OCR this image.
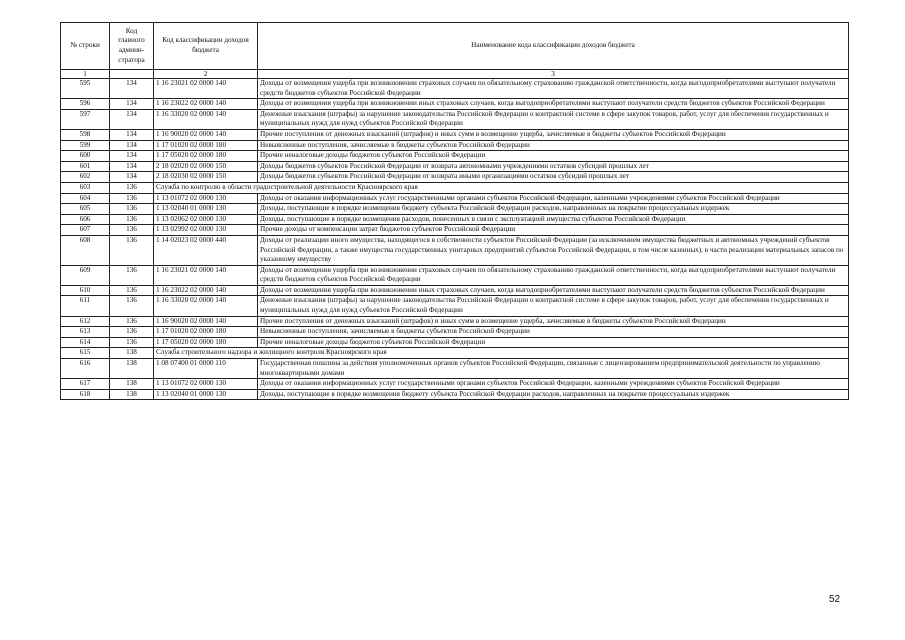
№ строки	Код главного админи-стратора	Код классификации доходов бюджета	Наименование кода классификации доходов бюджета
1		2	3
595	134	1 16 23021 02 0000 140	Доходы от возмещения ущерба при возникновении страховых случаев по обязательному страхованию гражданской ответственности, когда выгодоприобретателями выступают получатели средств бюджетов субъектов Российской Федерации
596	134	1 16 23022 02 0000 140	Доходы от возмещения ущерба при возникновении иных страховых случаев, когда выгодоприобретателями выступают получатели средств бюджетов субъектов Российской Федерации
597	134	1 16 33020 02 0000 140	Денежные взыскания (штрафы) за нарушение законодательства Российской Федерации о контрактной системе в сфере закупок товаров, работ, услуг для обеспечения государственных и муниципальных нужд для нужд субъектов Российской Федерации
598	134	1 16 90020 02 0000 140	Прочие поступления от денежных взысканий (штрафов) и иных сумм в возмещение ущерба, зачисляемые в бюджеты субъектов Российской Федерации
599	134	1 17 01020 02 0000 180	Невыясненные поступления, зачисляемые в бюджеты субъектов Российской Федерации
600	134	1 17 05020 02 0000 180	Прочие неналоговые доходы бюджетов субъектов Российской Федерации
601	134	2 18 02020 02 0000 150	Доходы бюджетов субъектов Российской Федерации от возврата автономными учреждениями остатков субсидий прошлых лет
602	134	2 18 02030 02 0000 150	Доходы бюджетов субъектов Российской Федерации от возврата иными организациями остатков субсидий прошлых лет
603	136	Служба по контролю в области градостроительной деятельности Красноярского края	
604	136	1 13 01072 02 0000 130	Доходы от оказания информационных услуг государственными органами субъектов Российской Федерации, казенными учреждениями субъектов Российской Федерации
605	136	1 13 02040 01 0000 130	Доходы, поступающие в порядке возмещения бюджету субъекта Российской Федерации расходов, направленных на покрытие процессуальных издержек
606	136	1 13 02062 02 0000 130	Доходы, поступающие в порядке возмещения расходов, понесенных в связи с эксплуатацией имущества субъектов Российской Федерации
607	136	1 13 02992 02 0000 130	Прочие доходы от компенсации затрат бюджетов субъектов Российской Федерации
608	136	1 14 02023 02 0000 440	Доходы от реализации иного имущества, находящегося в собственности субъектов Российской Федерации (за исключением имущества бюджетных и автономных учреждений субъектов Российской Федерации, а также имущества государственных унитарных предприятий субъектов Российской Федерации, в том числе казенных), в части реализации материальных запасов по указанному имуществу
609	136	1 16 23021 02 0000 140	Доходы от возмещения ущерба при возникновении страховых случаев по обязательному страхованию гражданской ответственности, когда выгодоприобретателями выступают получатели средств бюджетов субъектов Российской Федерации
610	136	1 16 23022 02 0000 140	Доходы от возмещения ущерба при возникновении иных страховых случаев, когда выгодоприобретателями выступают получатели средств бюджетов субъектов Российской Федерации
611	136	1 16 33020 02 0000 140	Денежные взыскания (штрафы) за нарушение законодательства Российской Федерации о контрактной системе в сфере закупок товаров, работ, услуг для обеспечения государственных и муниципальных нужд для нужд субъектов Российской Федерации
612	136	1 16 90020 02 0000 140	Прочие поступления от денежных взысканий (штрафов) и иных сумм в возмещение ущерба, зачисляемые в бюджеты субъектов Российской Федерации
613	136	1 17 01020 02 0000 180	Невыясненные поступления, зачисляемые в бюджеты субъектов Российской Федерации
614	136	1 17 05020 02 0000 180	Прочие неналоговые доходы бюджетов субъектов Российской Федерации
615	138	Служба строительного надзора и жилищного контроля Красноярского края	
616	138	1 08 07400 01 0000 110	Государственная пошлина за действия уполномоченных органов субъектов Российской Федерации, связанные с лицензированием предпринимательской деятельности по управлению многоквартирными домами
617	138	1 13 01072 02 0000 130	Доходы от оказания информационных услуг государственными органами субъектов Российской Федерации, казенными учреждениями субъектов Российской Федерации
618	138	1 13 02040 01 0000 130	Доходы, поступающие в порядке возмещения бюджету субъекта Российской Федерации расходов, направленных на покрытие процессуальных издержек
52
